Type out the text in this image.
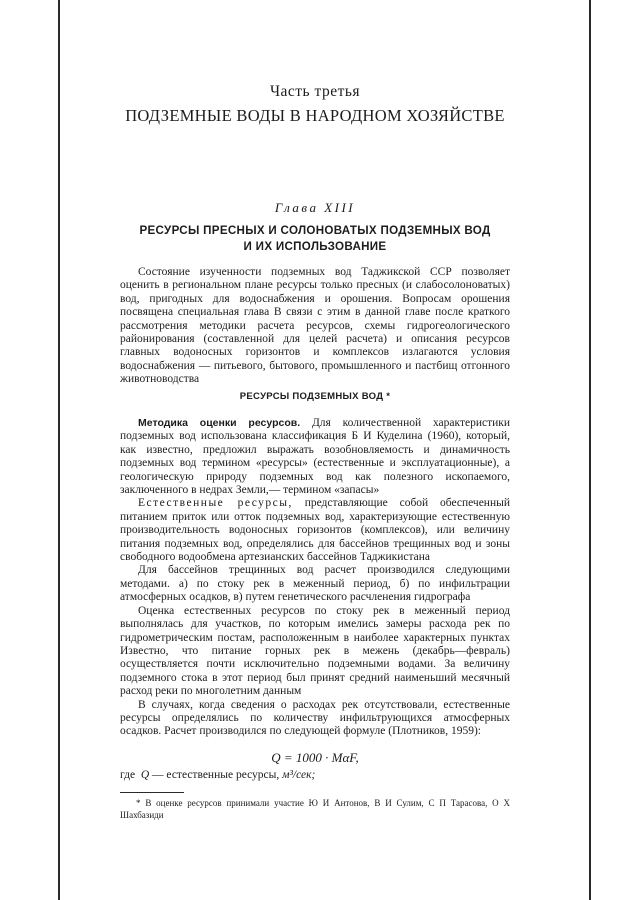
Часть третья
ПОДЗЕМНЫЕ ВОДЫ В НАРОДНОМ ХОЗЯЙСТВЕ
Глава XIII
РЕСУРСЫ ПРЕСНЫХ И СОЛОНОВАТЫХ ПОДЗЕМНЫХ ВОД
И ИХ ИСПОЛЬЗОВАНИЕ

Состояние изученности подземных вод Таджикской ССР позволяет оценить в региональном плане ресурсы только пресных (и слабосолоноватых) вод, пригодных для водоснабжения и орошения. Вопросам орошения посвящена специальная глава В связи с этим в данной главе после краткого рассмотрения методики расчета ресурсов, схемы гидрогеологического районирования (составленной для целей расчета) и описания ресурсов главных водоносных горизонтов и комплексов излагаются условия водоснабжения — питьевого, бытового, промышленного и пастбищ отгонного животноводства

РЕСУРСЫ ПОДЗЕМНЫХ ВОД *

Методика оценки ресурсов. Для количественной характеристики подземных вод использована классификация Б И Куделина (1960), который, как известно, предложил выражать возобновляемость и динамичность подземных вод термином «ресурсы» (естественные и эксплуатационные), а геологическую природу подземных вод как полезного ископаемого, заключенного в недрах Земли,— термином «запасы»

Естественные ресурсы, представляющие собой обеспеченный питанием приток или отток подземных вод, характеризующие естественную производительность водоносных горизонтов (комплексов), или величину питания подземных вод, определялись для бассейнов трещинных вод и зоны свободного водообмена артезианских бассейнов Таджикистана

Для бассейнов трещинных вод расчет производился следующими методами. а) по стоку рек в меженный период, б) по инфильтрации атмосферных осадков, в) путем генетического расчленения гидрографа

Оценка естественных ресурсов по стоку рек в меженный период выполнялась для участков, по которым имелись замеры расхода рек по гидрометрическим постам, расположенным в наиболее характерных пунктах Известно, что питание горных рек в межень (декабрь—февраль) осуществляется почти исключительно подземными водами. За величину подземного стока в этот период был принят средний наименьший месячный расход реки по многолетним данным

В случаях, когда сведения о расходах рек отсутствовали, естественные ресурсы определялись по количеству инфильтрующихся атмосферных осадков. Расчет производился по следующей формуле (Плотников, 1959):

Q = 1000 · MαF,
где Q — естественные ресурсы, м³/сек;

* В оценке ресурсов принимали участие Ю И Антонов, В И Сулим, С П Тарасова, О Х Шахбазиди
